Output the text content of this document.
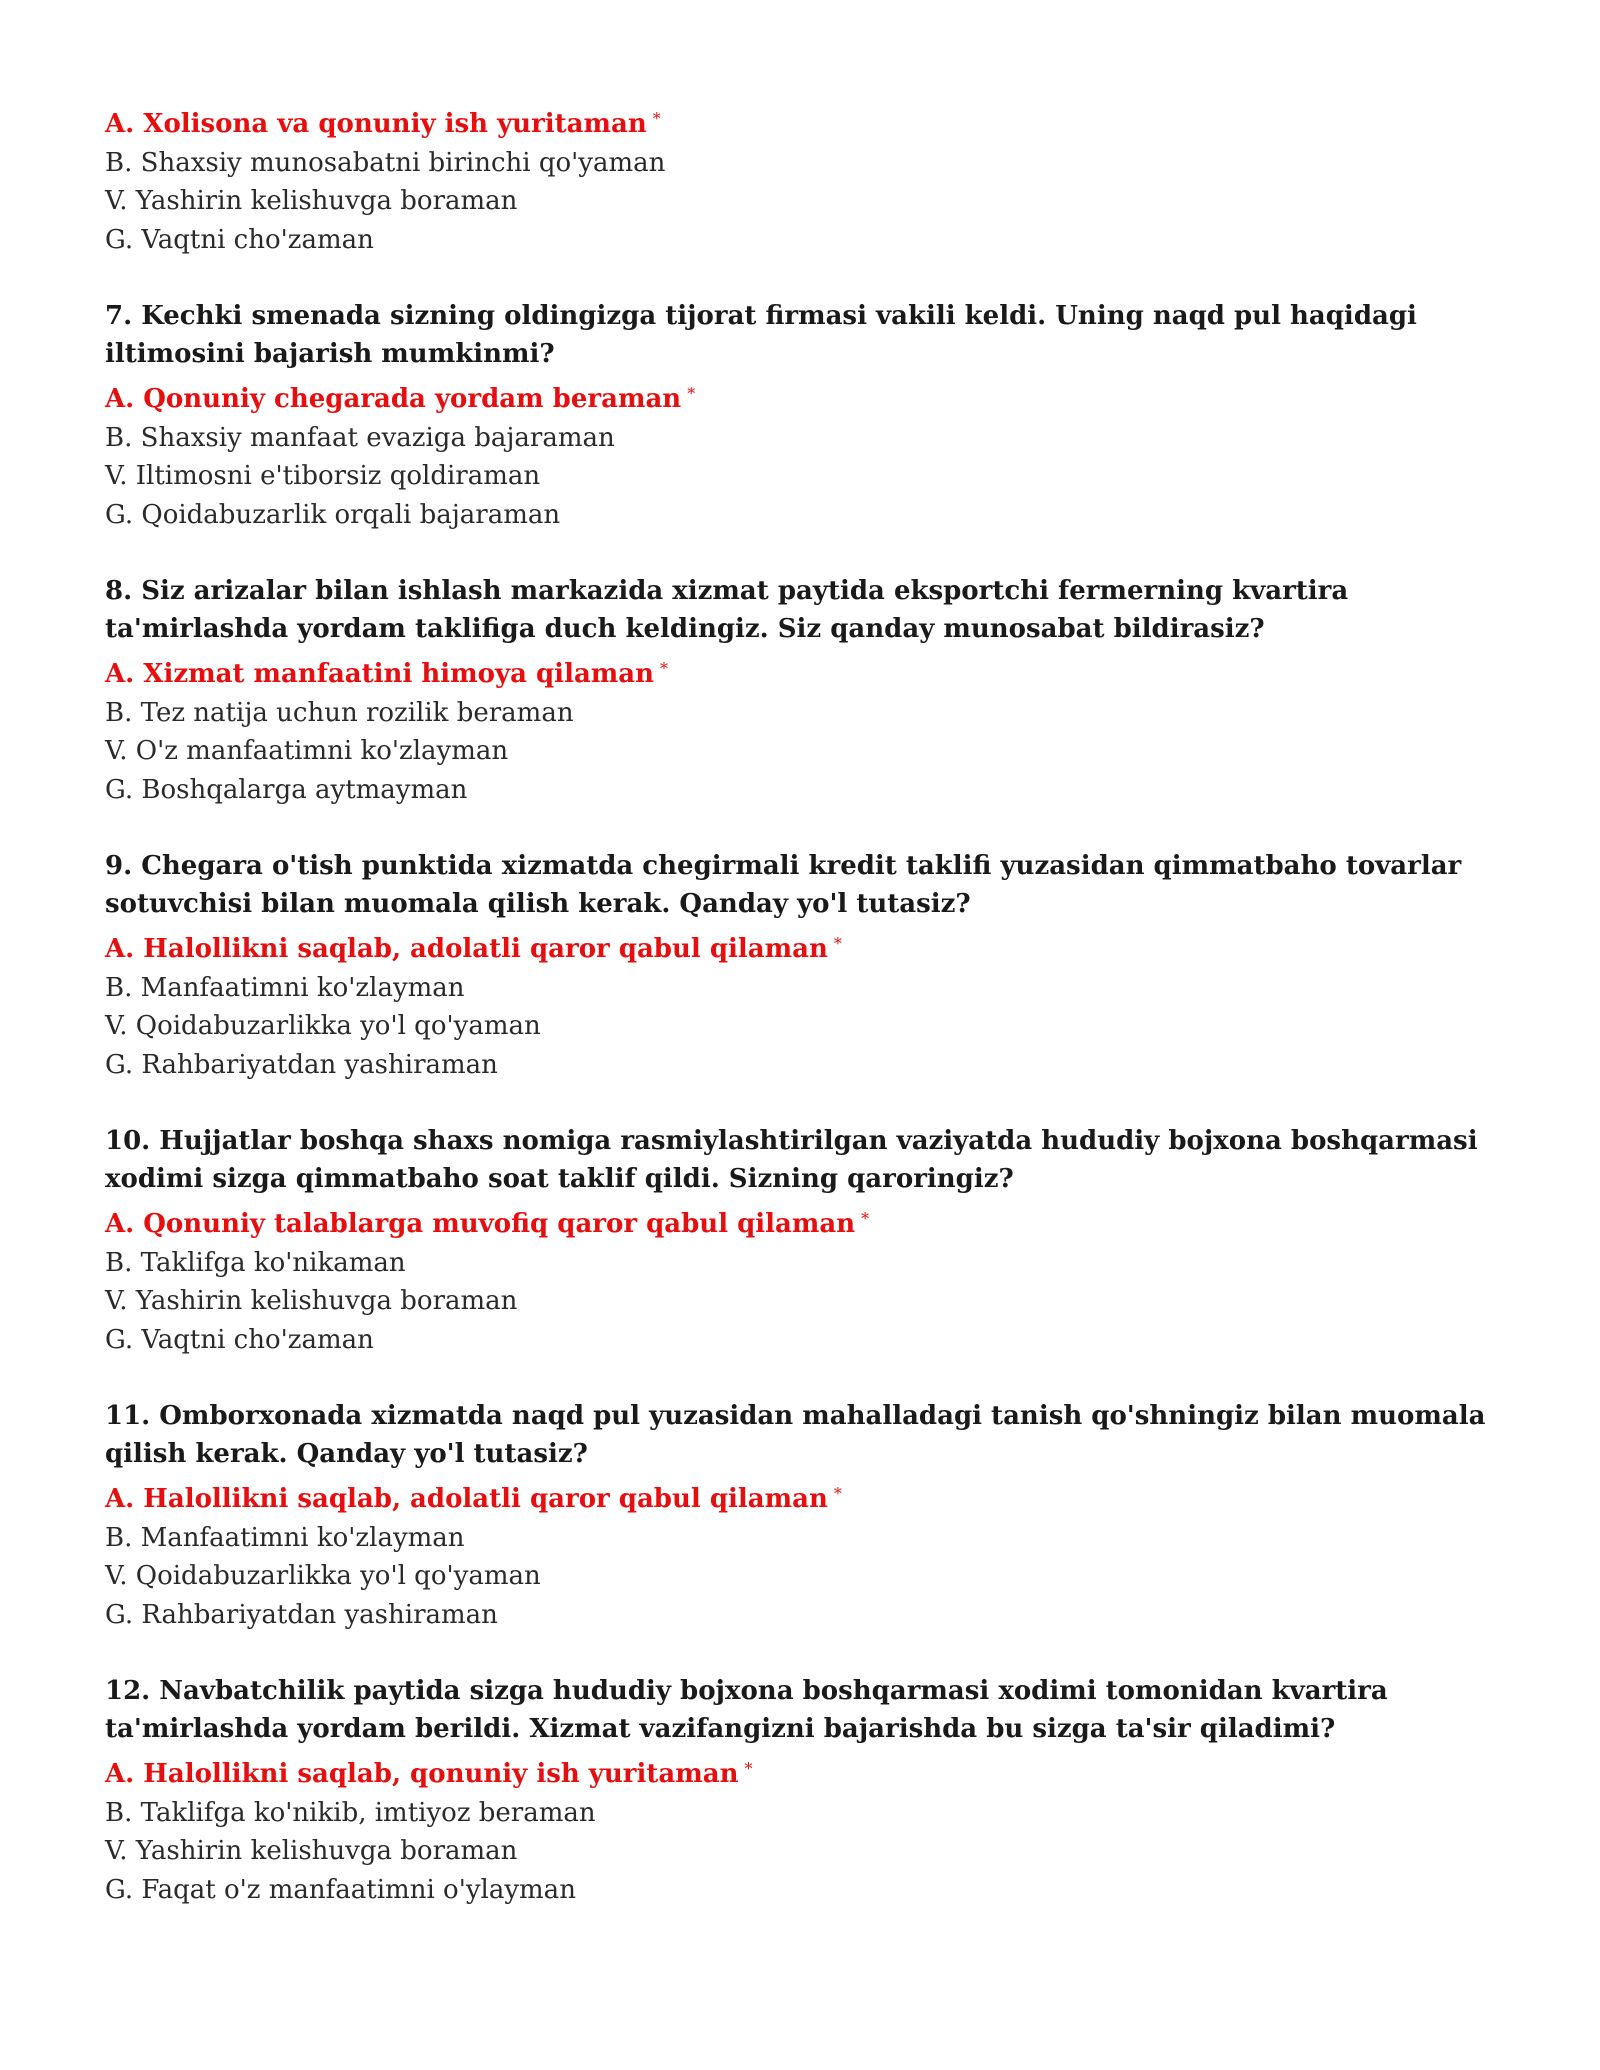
A. Xolisona va qonuniy ish yuritaman *
B. Shaxsiy munosabatni birinchi qo'yaman
V. Yashirin kelishuvga boraman
G. Vaqtni cho'zaman
7. Kechki smenada sizning oldingizga tijorat firmasi vakili keldi. Uning naqd pul haqidagi iltimosini bajarish mumkinmi?
A. Qonuniy chegarada yordam beraman *
B. Shaxsiy manfaat evaziga bajaraman
V. Iltimosni e'tiborsiz qoldiraman
G. Qoidabuzarlik orqali bajaraman
8. Siz arizalar bilan ishlash markazida xizmat paytida eksportchi fermerning kvartira ta'mirlashda yordam taklifiga duch keldingiz. Siz qanday munosabat bildirasiz?
A. Xizmat manfaatini himoya qilaman *
B. Tez natija uchun rozilik beraman
V. O'z manfaatimni ko'zlayman
G. Boshqalarga aytmayman
9. Chegara o'tish punktida xizmatda chegirmali kredit taklifi yuzasidan qimmatbaho tovarlar sotuvchisi bilan muomala qilish kerak. Qanday yo'l tutasiz?
A. Halollikni saqlab, adolatli qaror qabul qilaman *
B. Manfaatimni ko'zlayman
V. Qoidabuzarlikka yo'l qo'yaman
G. Rahbariyatdan yashiraman
10. Hujjatlar boshqa shaxs nomiga rasmiylashtirilgan vaziyatda hududiy bojxona boshqarmasi xodimi sizga qimmatbaho soat taklif qildi. Sizning qaroringiz?
A. Qonuniy talablarga muvofiq qaror qabul qilaman *
B. Taklifga ko'nikaman
V. Yashirin kelishuvga boraman
G. Vaqtni cho'zaman
11. Omborxonada xizmatda naqd pul yuzasidan mahalladagi tanish qo'shningiz bilan muomala qilish kerak. Qanday yo'l tutasiz?
A. Halollikni saqlab, adolatli qaror qabul qilaman *
B. Manfaatimni ko'zlayman
V. Qoidabuzarlikka yo'l qo'yaman
G. Rahbariyatdan yashiraman
12. Navbatchilik paytida sizga hududiy bojxona boshqarmasi xodimi tomonidan kvartira ta'mirlashda yordam berildi. Xizmat vazifangizni bajarishda bu sizga ta'sir qiladimi?
A. Halollikni saqlab, qonuniy ish yuritaman *
B. Taklifga ko'nikib, imtiyoz beraman
V. Yashirin kelishuvga boraman
G. Faqat o'z manfaatimni o'ylayman
